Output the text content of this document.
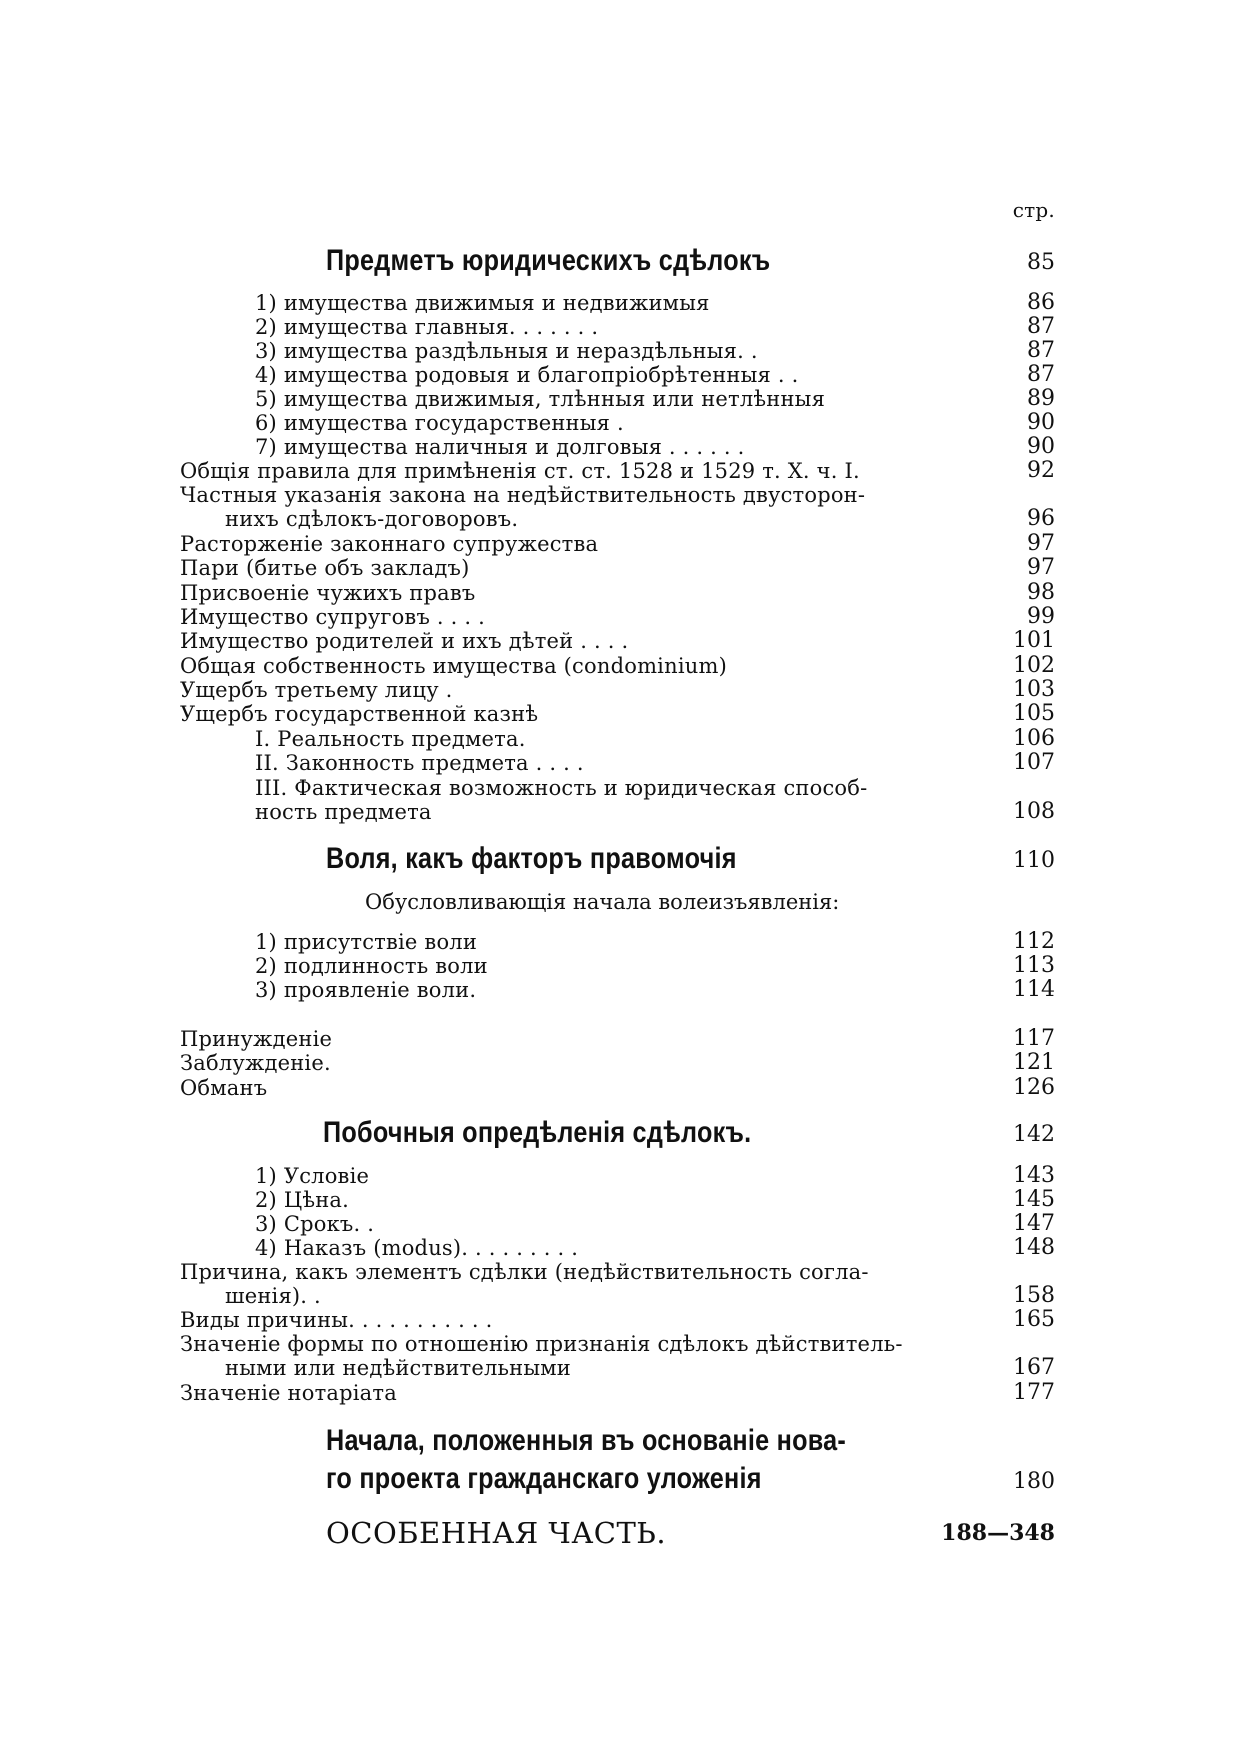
стр.
Предметъ юридическихъ сдѣлокъ	85
1) имущества движимыя и недвижимыя	86
2) имущества главныя. . . . . . .	87
3) имущества раздѣльныя и нераздѣльныя. .	87
4) имущества родовыя и благопріобрѣтенныя . .	87
5) имущества движимыя, тлѣнныя или нетлѣнныя	89
6) имущества государственныя .	90
7) имущества наличныя и долговыя . . . . . .	90
Общія правила для примѣненія ст. ст. 1528 и 1529 т. X. ч. I.	92
Частныя указанія закона на недѣйствительность двусторон-
нихъ сдѣлокъ-договоровъ.	96
Расторженіе законнаго супружества	97
Пари (битье объ закладъ)	97
Присвоеніе чужихъ правъ	98
Имущество супруговъ . . . .	99
Имущество родителей и ихъ дѣтей . . . .	101
Общая собственность имущества (condominium)	102
Ущербъ третьему лицу .	103
Ущербъ государственной казнѣ	105
I. Реальность предмета.	106
II. Законность предмета . . . .	107
III. Фактическая возможность и юридическая способ-
ность предмета	108
Воля, какъ факторъ правомочія	110
Обусловливающія начала волеизъявленія:
1) присутствіе воли	112
2) подлинность воли	113
3) проявленіе воли.	114
Принужденіе	117
Заблужденіе.	121
Обманъ	126
Побочныя опредѣленія сдѣлокъ.	142
1) Условіе	143
2) Цѣна.	145
3) Срокъ. .	147
4) Наказъ (modus). . . . . . . . .	148
Причина, какъ элементъ сдѣлки (недѣйствительность согла-
шенія). .	158
Виды причины. . . . . . . . . . .	165
Значеніе формы по отношенію признанія сдѣлокъ дѣйствитель-
ными или недѣйствительными	167
Значеніе нотаріата	177
Начала, положенныя въ основаніе нова-
го проекта гражданскаго уложенія	180
ОСОБЕННАЯ ЧАСТЬ.	188—348
